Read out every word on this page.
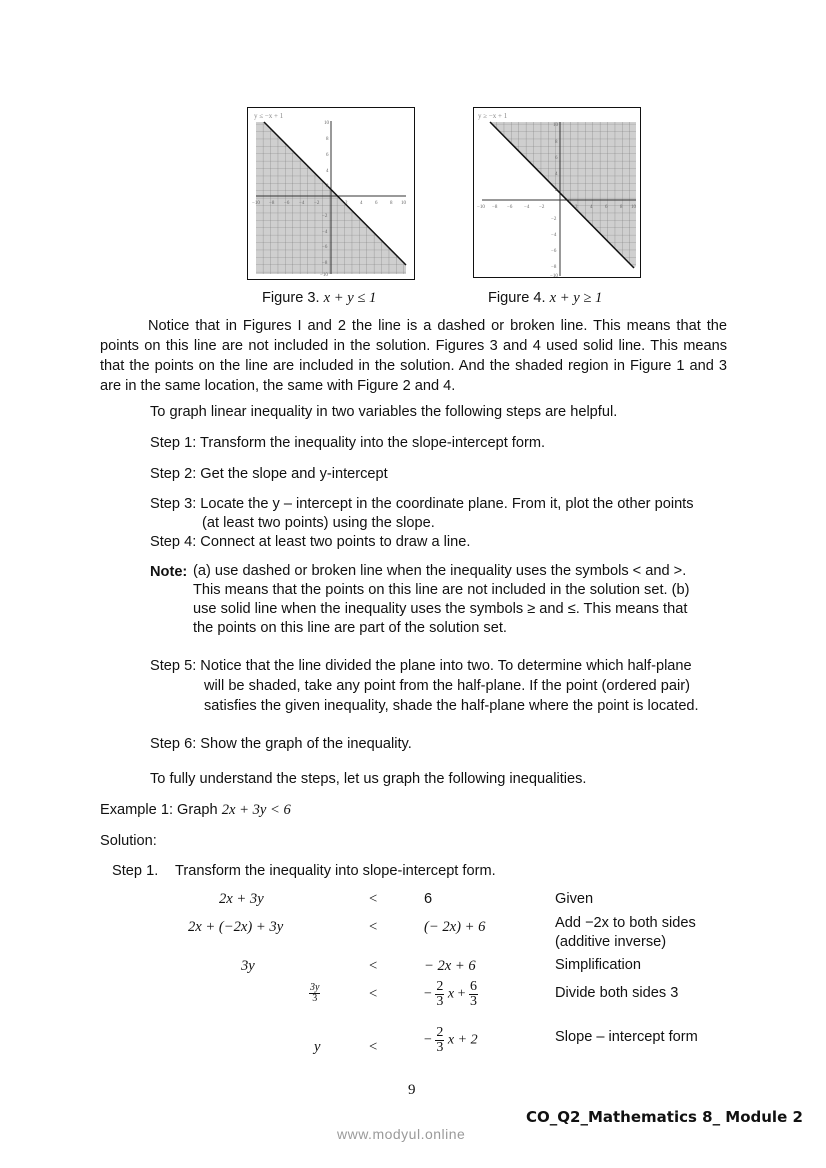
−10 −8 −6 −4 −2	2	4	6	8 10
10
8
6
4
2
−2
−4
−6
−8
−10
y ≤ −x + 1
−10 −8 −6 −4 −2	2	4	6	8 10
10
8
6
4
2
−2
−4
−6
−8
−10
y ≥ −x + 1
Figure 3. x + y ≤ 1	Figure 4. x + y ≥ 1
Notice that in Figures I and 2 the line is a dashed or broken line. This means that the points on this line are not included in the solution. Figures 3 and 4 used solid line. This means that the points on the line are included in the solution. And the shaded region in Figure 1 and 3 are in the same location, the same with Figure 2 and 4.
To graph linear inequality in two variables the following steps are helpful.
Step 1: Transform the inequality into the slope-intercept form.
Step 2: Get the slope and y-intercept
Step 3: Locate the y – intercept in the coordinate plane. From it, plot the other points
(at least two points) using the slope.
Step 4: Connect at least two points to draw a line.
Note: (a) use dashed or broken line when the inequality uses the symbols < and >.
This means that the points on this line are not included in the solution set. (b)
use solid line when the inequality uses the symbols ≥ and ≤. This means that
the points on this line are part of the solution set.
Step 5: Notice that the line divided the plane into two. To determine which half-plane
will be shaded, take any point from the half-plane. If the point (ordered pair)
satisfies the given inequality, shade the half-plane where the point is located.
Step 6: Show the graph of the inequality.
To fully understand the steps, let us graph the following inequalities.
Example 1: Graph 2x + 3y < 6
Solution:
Step 1. Transform the inequality into slope-intercept form.
2x + 3y	<	6	Given
2x + (−2x) + 3y	<	(− 2x) + 6	Add −2x to both sides
(additive inverse)
3y	<	− 2x + 6	Simplification
$\frac{3y}{3}$	<	− $\frac{2}{3}$ $x + \frac{6}{3}$	Divide both sides 3
y	<	− $\frac{2}{3}$ x + 2	Slope – intercept form
9
CO_Q2_Mathematics 8_ Module 2
www.modyul.online
